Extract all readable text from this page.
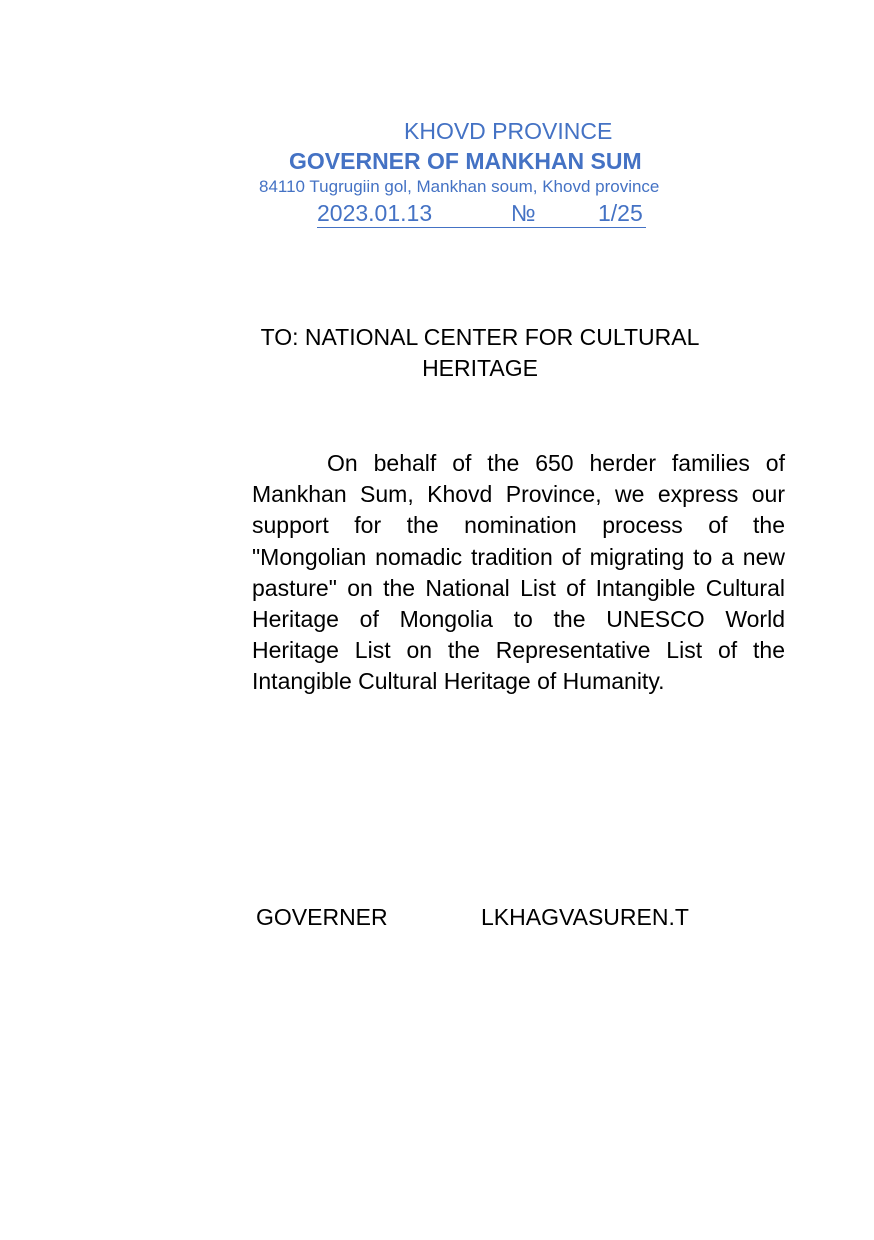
KHOVD PROVINCE
GOVERNER OF MANKHAN SUM
84110 Tugrugiin gol, Mankhan soum, Khovd province
2023.01.13	№	1/25
TO: NATIONAL CENTER FOR CULTURAL HERITAGE
On behalf of the 650 herder families of Mankhan Sum, Khovd Province, we express our support for the nomination process of the "Mongolian nomadic tradition of migrating to a new pasture" on the National List of Intangible Cultural Heritage of Mongolia to the UNESCO World Heritage List on the Representative List of the Intangible Cultural Heritage of Humanity.
GOVERNER	LKHAGVASUREN.T
